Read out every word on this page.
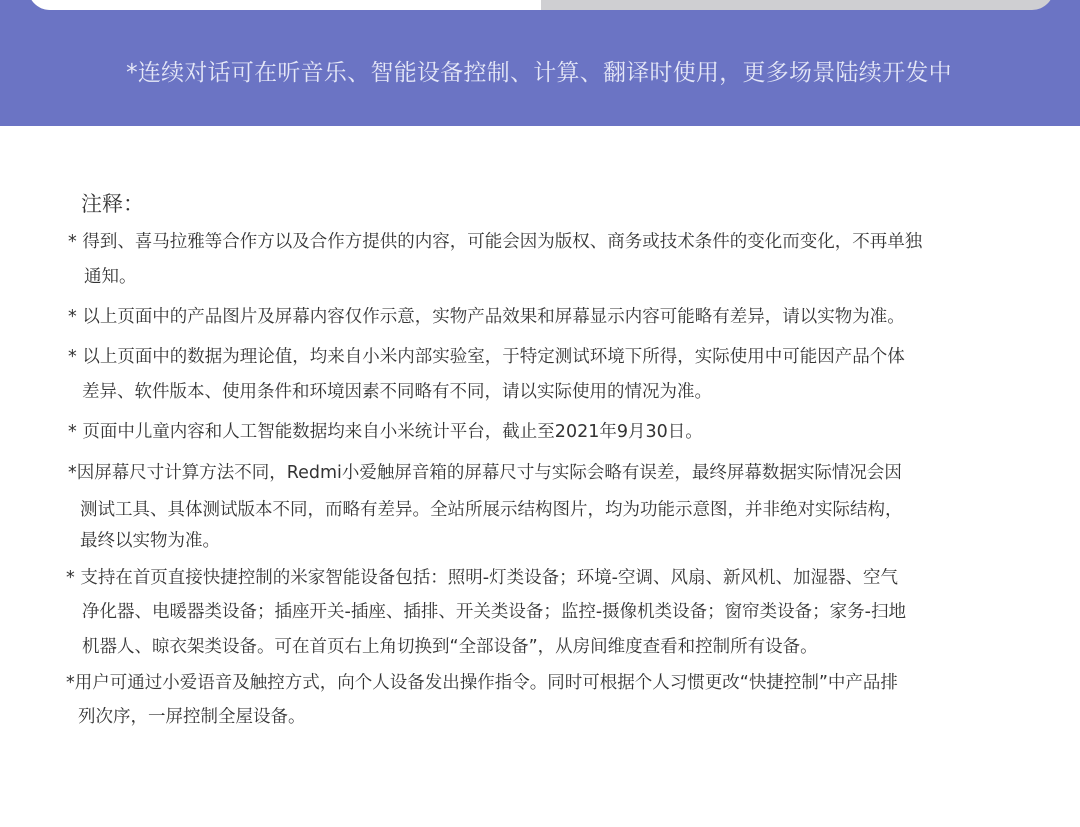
*连续对话可在听音乐、智能设备控制、计算、翻译时使用，更多场景陆续开发中
注释：
* 得到、喜马拉雅等合作方以及合作方提供的内容，可能会因为版权、商务或技术条件的变化而变化，不再单独
通知。
* 以上页面中的产品图片及屏幕内容仅作示意，实物产品效果和屏幕显示内容可能略有差异，请以实物为准。
* 以上页面中的数据为理论值，均来自小米内部实验室，于特定测试环境下所得，实际使用中可能因产品个体
差异、软件版本、使用条件和环境因素不同略有不同，请以实际使用的情况为准。
* 页面中儿童内容和人工智能数据均来自小米统计平台，截止至2021年9月30日。
*因屏幕尺寸计算方法不同，Redmi小爱触屏音箱的屏幕尺寸与实际会略有误差，最终屏幕数据实际情况会因
测试工具、具体测试版本不同，而略有差异。全站所展示结构图片，均为功能示意图，并非绝对实际结构，
最终以实物为准。
* 支持在首页直接快捷控制的米家智能设备包括：照明-灯类设备；环境-空调、风扇、新风机、加湿器、空气
净化器、电暖器类设备；插座开关-插座、插排、开关类设备；监控-摄像机类设备；窗帘类设备；家务-扫地
机器人、晾衣架类设备。可在首页右上角切换到“全部设备”，从房间维度查看和控制所有设备。
*用户可通过小爱语音及触控方式，向个人设备发出操作指令。同时可根据个人习惯更改“快捷控制”中产品排
列次序，一屏控制全屋设备。
